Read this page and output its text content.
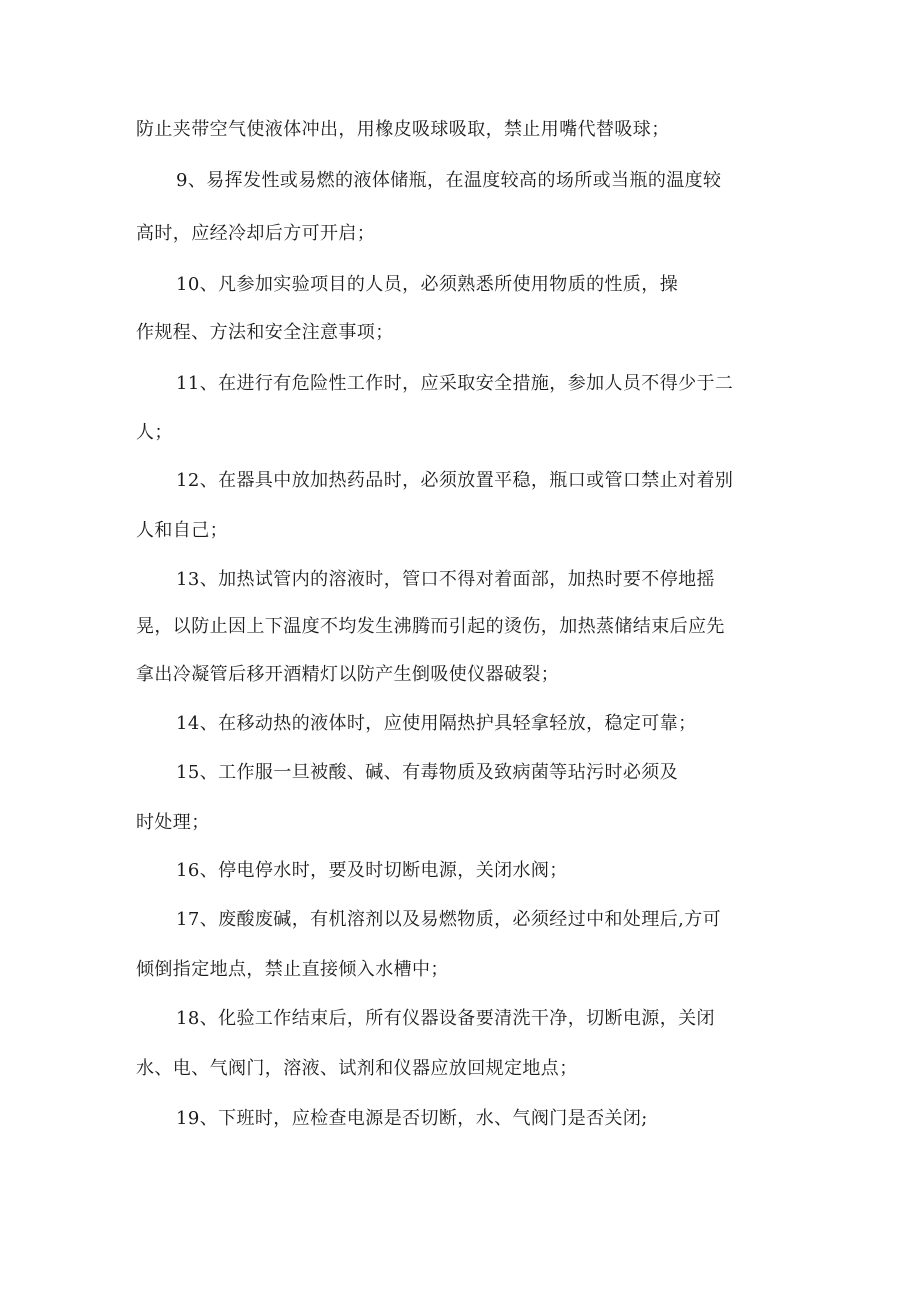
防止夹带空气使液体冲出，用橡皮吸球吸取，禁止用嘴代替吸球；
9、易挥发性或易燃的液体储瓶，在温度较高的场所或当瓶的温度较
高时，应经冷却后方可开启；
10、凡参加实验项目的人员，必须熟悉所使用物质的性质，操
作规程、方法和安全注意事项；
11、在进行有危险性工作时，应采取安全措施，参加人员不得少于二
人；
12、在器具中放加热药品时，必须放置平稳，瓶口或管口禁止对着别
人和自己；
13、加热试管内的溶液时，管口不得对着面部，加热时要不停地摇
晃，以防止因上下温度不均发生沸腾而引起的烫伤，加热蒸储结束后应先
拿出冷凝管后移开酒精灯以防产生倒吸使仪器破裂；
14、在移动热的液体时，应使用隔热护具轻拿轻放，稳定可靠；
15、工作服一旦被酸、碱、有毒物质及致病菌等玷污时必须及
时处理；
16、停电停水时，要及时切断电源，关闭水阀；
17、废酸废碱，有机溶剂以及易燃物质，必须经过中和处理后,方可
倾倒指定地点，禁止直接倾入水槽中；
18、化验工作结束后，所有仪器设备要清洗干净，切断电源，关闭
水、电、气阀门，溶液、试剂和仪器应放回规定地点；
19、下班时，应检查电源是否切断，水、气阀门是否关闭;
